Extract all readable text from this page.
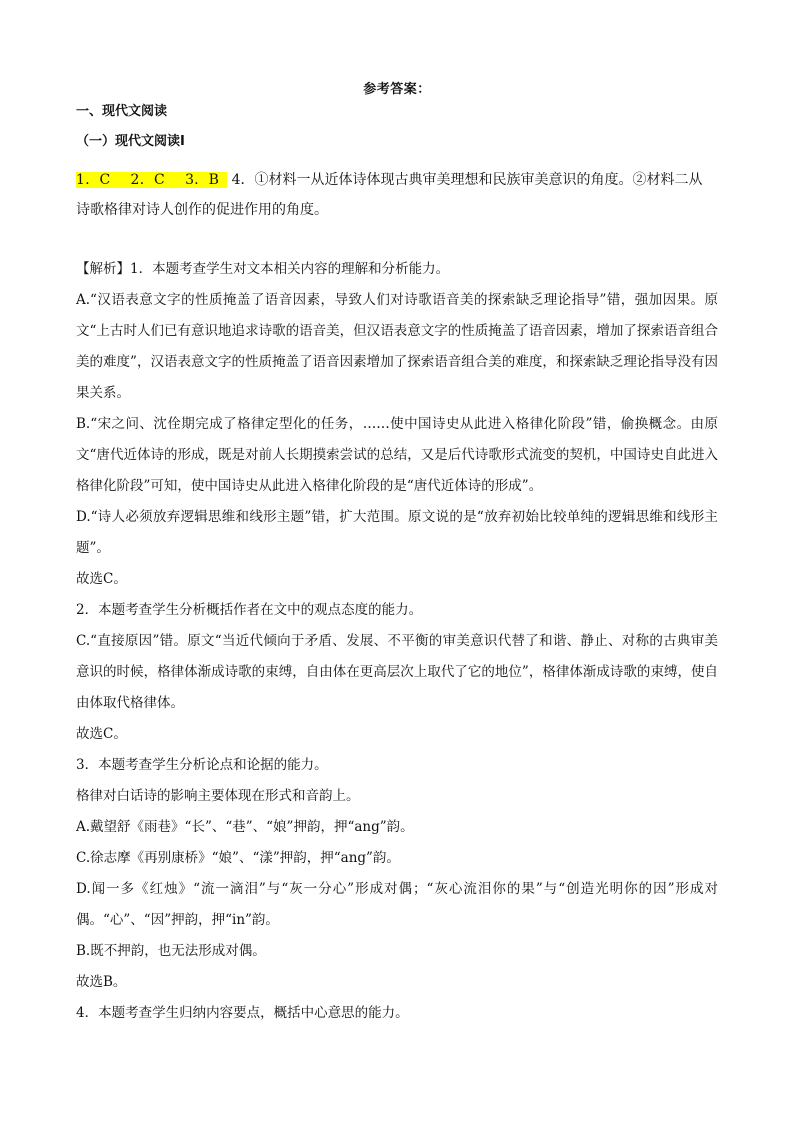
参考答案：
一、现代文阅读
（一）现代文阅读Ⅰ
1．C 2．C 3．B 4．①材料一从近体诗体现古典审美理想和民族审美意识的角度。②材料二从诗歌格律对诗人创作的促进作用的角度。

【解析】1．本题考查学生对文本相关内容的理解和分析能力。

A.“汉语表意文字的性质掩盖了语音因素，导致人们对诗歌语音美的探索缺乏理论指导”错，强加因果。原文“上古时人们已有意识地追求诗歌的语音美，但汉语表意文字的性质掩盖了语音因素，增加了探索语音组合美的难度”，汉语表意文字的性质掩盖了语音因素增加了探索语音组合美的难度，和探索缺乏理论指导没有因果关系。

B.“宋之问、沈佺期完成了格律定型化的任务，……使中国诗史从此进入格律化阶段”错，偷换概念。由原文“唐代近体诗的形成，既是对前人长期摸索尝试的总结，又是后代诗歌形式流变的契机，中国诗史自此进入格律化阶段”可知，使中国诗史从此进入格律化阶段的是“唐代近体诗的形成”。

D.“诗人必须放弃逻辑思维和线形主题”错，扩大范围。原文说的是“放弃初始比较单纯的逻辑思维和线形主题”。

故选C。

2．本题考查学生分析概括作者在文中的观点态度的能力。

C.“直接原因”错。原文“当近代倾向于矛盾、发展、不平衡的审美意识代替了和谐、静止、对称的古典审美意识的时候，格律体渐成诗歌的束缚，自由体在更高层次上取代了它的地位”，格律体渐成诗歌的束缚，使自由体取代格律体。

故选C。

3．本题考查学生分析论点和论据的能力。

格律对白话诗的影响主要体现在形式和音韵上。

A.戴望舒《雨巷》“长”、“巷”、“娘”押韵，押“ang”韵。

C.徐志摩《再别康桥》“娘”、“漾”押韵，押“ang”韵。

D.闻一多《红烛》“流一滴泪”与“灰一分心”形成对偶；“灰心流泪你的果”与“创造光明你的因”形成对偶。“心”、“因”押韵，押“in”韵。

B.既不押韵，也无法形成对偶。

故选B。

4．本题考查学生归纳内容要点，概括中心意思的能力。
